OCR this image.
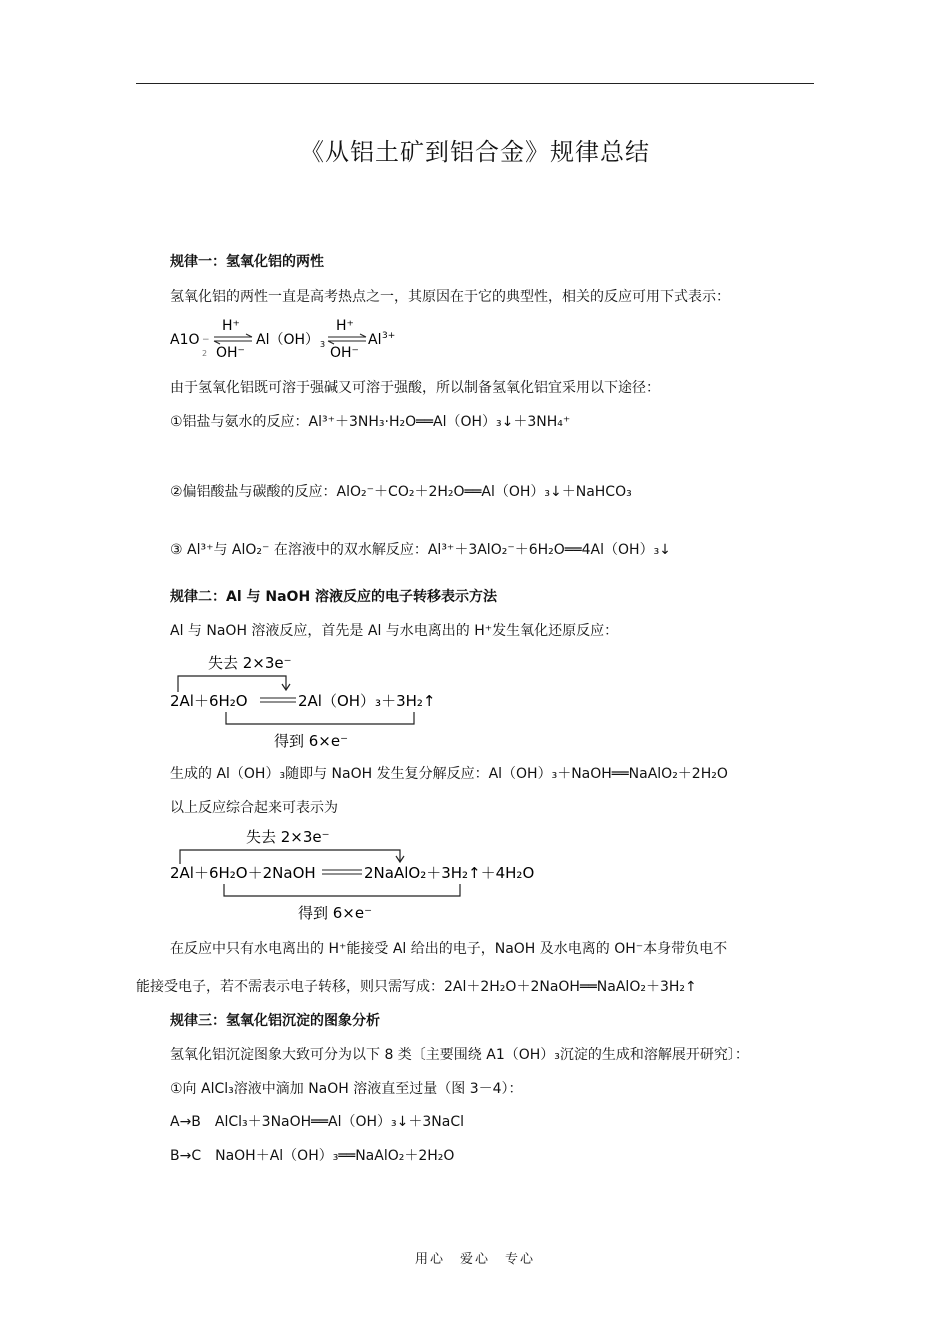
《从铝土矿到铝合金》规律总结
规律一：氢氧化铝的两性
氢氧化铝的两性一直是高考热点之一，其原因在于它的典型性，相关的反应可用下式表示：
A1O
2
−
H⁺
OH⁻
Al（OH） 3
H⁺
OH⁻
Al 3+
由于氢氧化铝既可溶于强碱又可溶于强酸，所以制备氢氧化铝宜采用以下途径：
①铝盐与氨水的反应：Al³⁺＋3NH₃·H₂O══Al（OH）₃↓＋3NH₄⁺
②偏铝酸盐与碳酸的反应：AlO₂⁻＋CO₂＋2H₂O══Al（OH）₃↓＋NaHCO₃
③ Al³⁺与 AlO₂⁻ 在溶液中的双水解反应：Al³⁺＋3AlO₂⁻＋6H₂O══4Al（OH）₃↓
规律二：Al 与 NaOH 溶液反应的电子转移表示方法
Al 与 NaOH 溶液反应，首先是 Al 与水电离出的 H⁺发生氧化还原反应：
失去 2×3e⁻
2Al＋6H₂O	2Al（OH）₃＋3H₂↑
得到 6×e⁻
生成的 Al（OH）₃随即与 NaOH 发生复分解反应：Al（OH）₃＋NaOH══NaAlO₂＋2H₂O
以上反应综合起来可表示为
失去 2×3e⁻
2Al＋6H₂O＋2NaOH	2NaAlO₂＋3H₂↑＋4H₂O
得到 6×e⁻
在反应中只有水电离出的 H⁺能接受 Al 给出的电子，NaOH 及水电离的 OH⁻本身带负电不
能接受电子，若不需表示电子转移，则只需写成：2Al＋2H₂O＋2NaOH══NaAlO₂＋3H₂↑
规律三：氢氧化铝沉淀的图象分析
氢氧化铝沉淀图象大致可分为以下 8 类〔主要围绕 A1（OH）₃沉淀的生成和溶解展开研究〕：
①向 AlCl₃溶液中滴加 NaOH 溶液直至过量（图 3－4）：
A→B　AlCl₃＋3NaOH══Al（OH）₃↓＋3NaCl
B→C　NaOH＋Al（OH）₃══NaAlO₂＋2H₂O
用心　爱心　专心
